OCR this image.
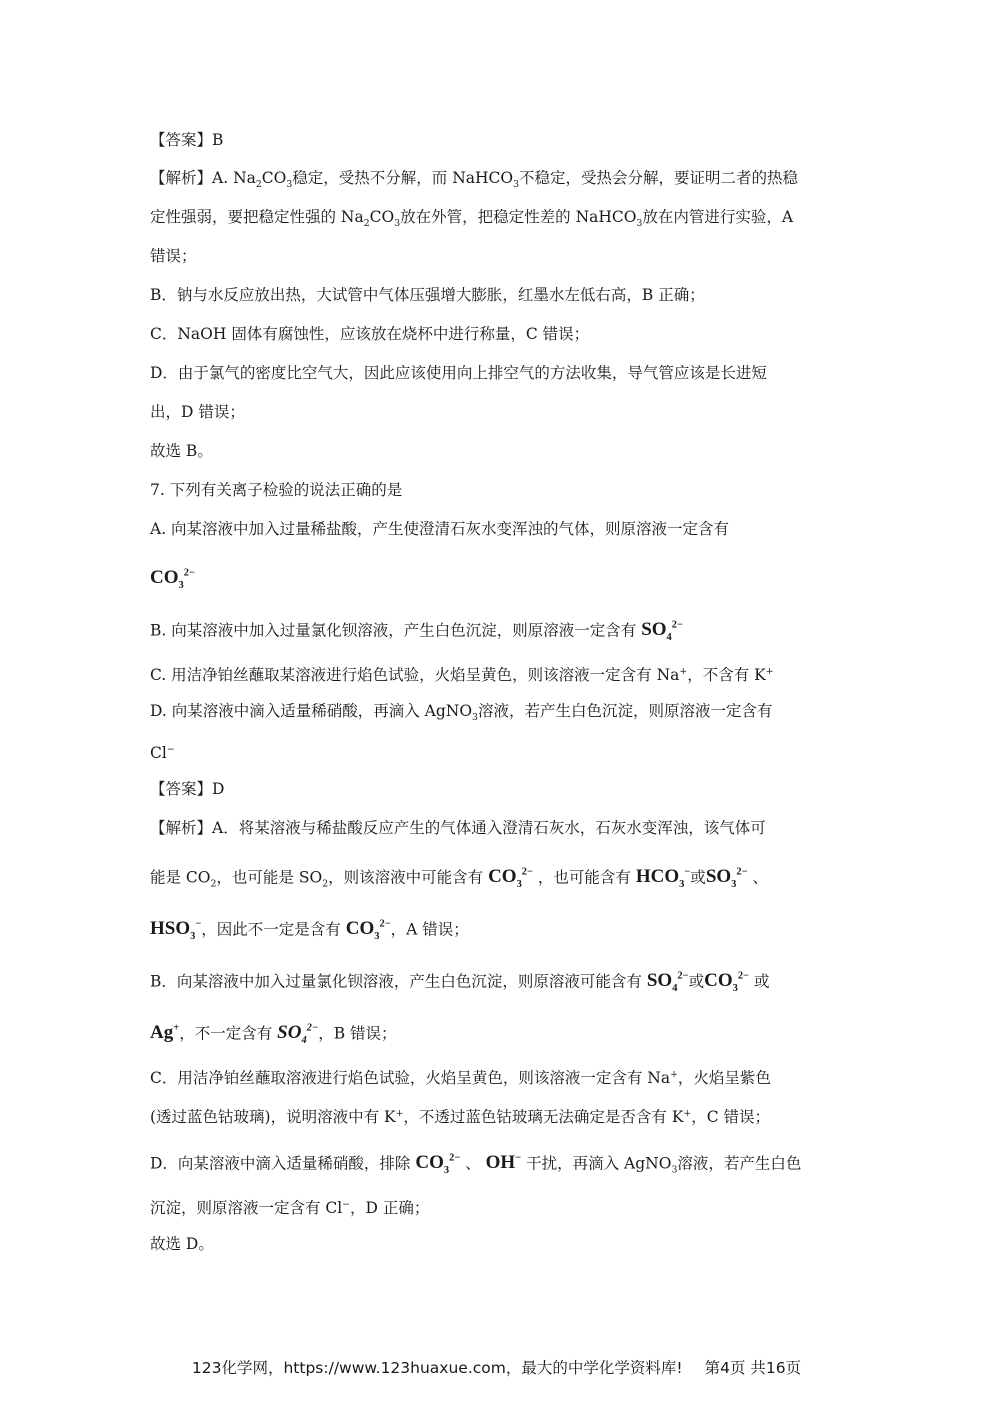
【答案】B
【解析】A. $Na_2CO_3$稳定，受热不分解，而 NaHCO$_3$不稳定，受热会分解，要证明二者的热稳
定性强弱，要把稳定性强的 $Na_2CO_3$放在外管，把稳定性差的 NaHCO$_3$放在内管进行实验，A
错误；
B．钠与水反应放出热，大试管中气体压强增大膨胀，红墨水左低右高，B 正确；
C．NaOH 固体有腐蚀性，应该放在烧杯中进行称量，C 错误；
D．由于氯气的密度比空气大，因此应该使用向上排空气的方法收集，导气管应该是长进短
出，D 错误；
故选 B。
7. 下列有关离子检验的说法正确的是
A. 向某溶液中加入过量稀盐酸，产生使澄清石灰水变浑浊的气体，则原溶液一定含有
$CO_3^{2-}$
B. 向某溶液中加入过量氯化钡溶液，产生白色沉淀，则原溶液一定含有 $SO_4^{2-}$
C. 用洁净铂丝蘸取某溶液进行焰色试验，火焰呈黄色，则该溶液一定含有 Na+，不含有 K+
D. 向某溶液中滴入适量稀硝酸，再滴入 AgNO$_3$溶液，若产生白色沉淀，则原溶液一定含有
Cl−
【答案】D
【解析】A．将某溶液与稀盐酸反应产生的气体通入澄清石灰水，石灰水变浑浊，该气体可
能是 $CO_2$，也可能是 $SO_2$，则该溶液中可能含有 $CO_3^{2-}$ ，也可能含有 $HCO_3^-$或$SO_3^{2-}$ 、
$HSO_3^-$，因此不一定是含有 $CO_3^{2-}$，A 错误；
B．向某溶液中加入过量氯化钡溶液，产生白色沉淀，则原溶液可能含有 $SO_4^{2-}$或$CO_3^{2-}$ 或
Ag+，不一定含有 $SO_4^{2-}$，B 错误；
C．用洁净铂丝蘸取溶液进行焰色试验，火焰呈黄色，则该溶液一定含有 Na+，火焰呈紫色
(透过蓝色钴玻璃)，说明溶液中有 K+，不透过蓝色钴玻璃无法确定是否含有 K+，C 错误；
D．向某溶液中滴入适量稀硝酸，排除 $CO_3^{2-}$ 、 OH− 干扰，再滴入 AgNO$_3$溶液，若产生白色
沉淀，则原溶液一定含有 Cl−，D 正确；
故选 D。
123化学网，https://www.123huaxue.com，最大的中学化学资料库! 第4页 共16页
